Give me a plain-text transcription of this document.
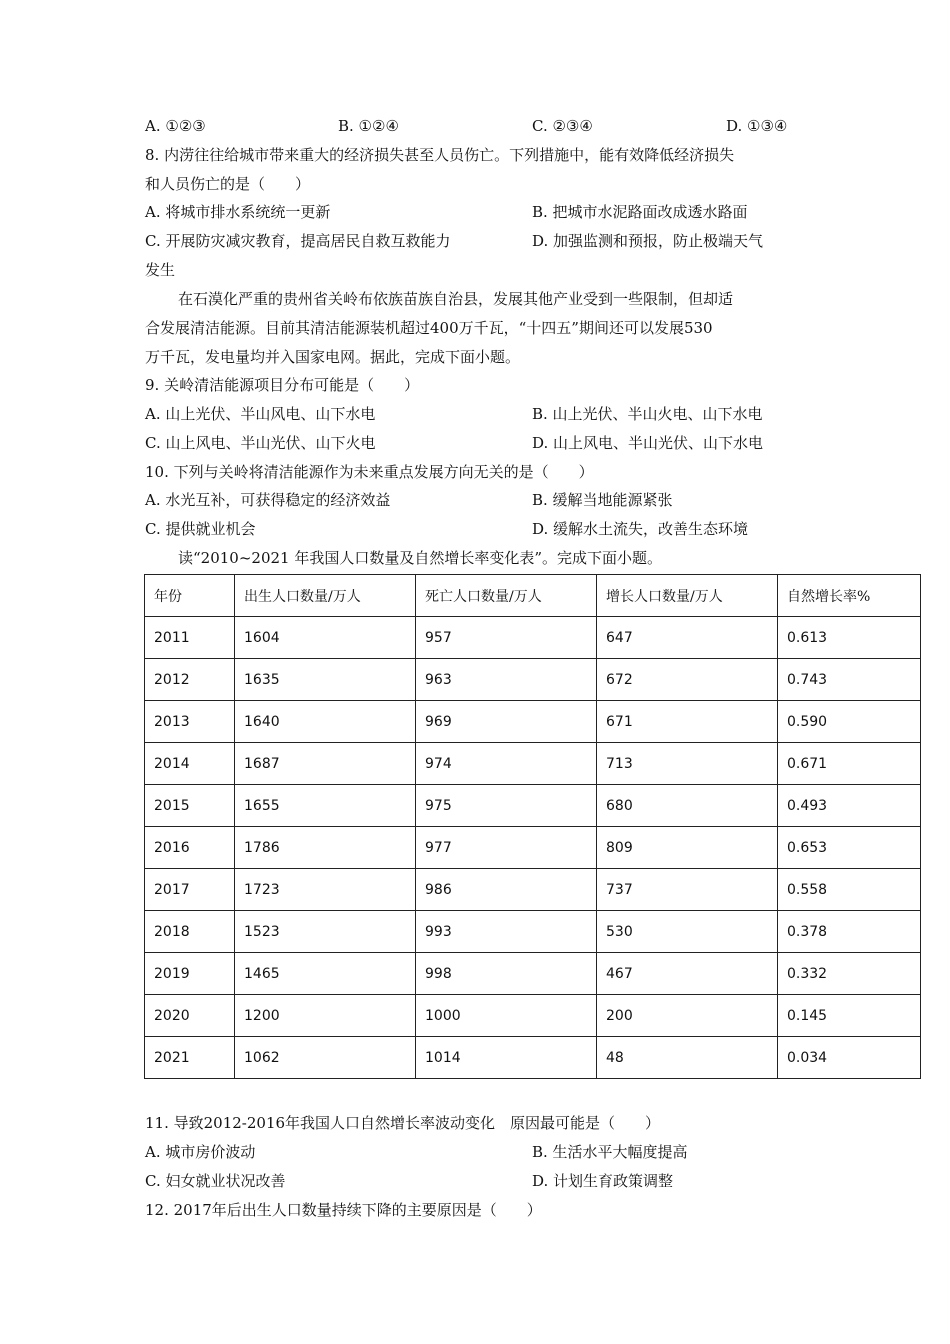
A. ①②③	B. ①②④	C. ②③④	D. ①③④
8. 内涝往往给城市带来重大的经济损失甚至人员伤亡。下列措施中，能有效降低经济损失
和人员伤亡的是（　　）
A. 将城市排水系统统一更新	B. 把城市水泥路面改成透水路面
C. 开展防灾减灾教育，提高居民自救互救能力	D. 加强监测和预报，防止极端天气
发生
在石漠化严重的贵州省关岭布依族苗族自治县，发展其他产业受到一些限制，但却适
合发展清洁能源。目前其清洁能源装机超过400万千瓦，“十四五”期间还可以发展530
万千瓦，发电量均并入国家电网。据此，完成下面小题。
9. 关岭清洁能源项目分布可能是（　　）
A. 山上光伏、半山风电、山下水电	B. 山上光伏、半山火电、山下水电
C. 山上风电、半山光伏、山下火电	D. 山上风电、半山光伏、山下水电
10. 下列与关岭将清洁能源作为未来重点发展方向无关的是（　　）
A. 水光互补，可获得稳定的经济效益	B. 缓解当地能源紧张
C. 提供就业机会	D. 缓解水土流失，改善生态环境
读“2010~2021 年我国人口数量及自然增长率变化表”。完成下面小题。
年份	出生人口数量/万人	死亡人口数量/万人	增长人口数量/万人	自然增长率%
2011	1604	957	647	0.613
2012	1635	963	672	0.743
2013	1640	969	671	0.590
2014	1687	974	713	0.671
2015	1655	975	680	0.493
2016	1786	977	809	0.653
2017	1723	986	737	0.558
2018	1523	993	530	0.378
2019	1465	998	467	0.332
2020	1200	1000	200	0.145
2021	1062	1014	48	0.034
11. 导致2012-2016年我国人口自然增长率波动变化　原因最可能是（　　）
A. 城市房价波动	B. 生活水平大幅度提高
C. 妇女就业状况改善	D. 计划生育政策调整
12. 2017年后出生人口数量持续下降的主要原因是（　　）
